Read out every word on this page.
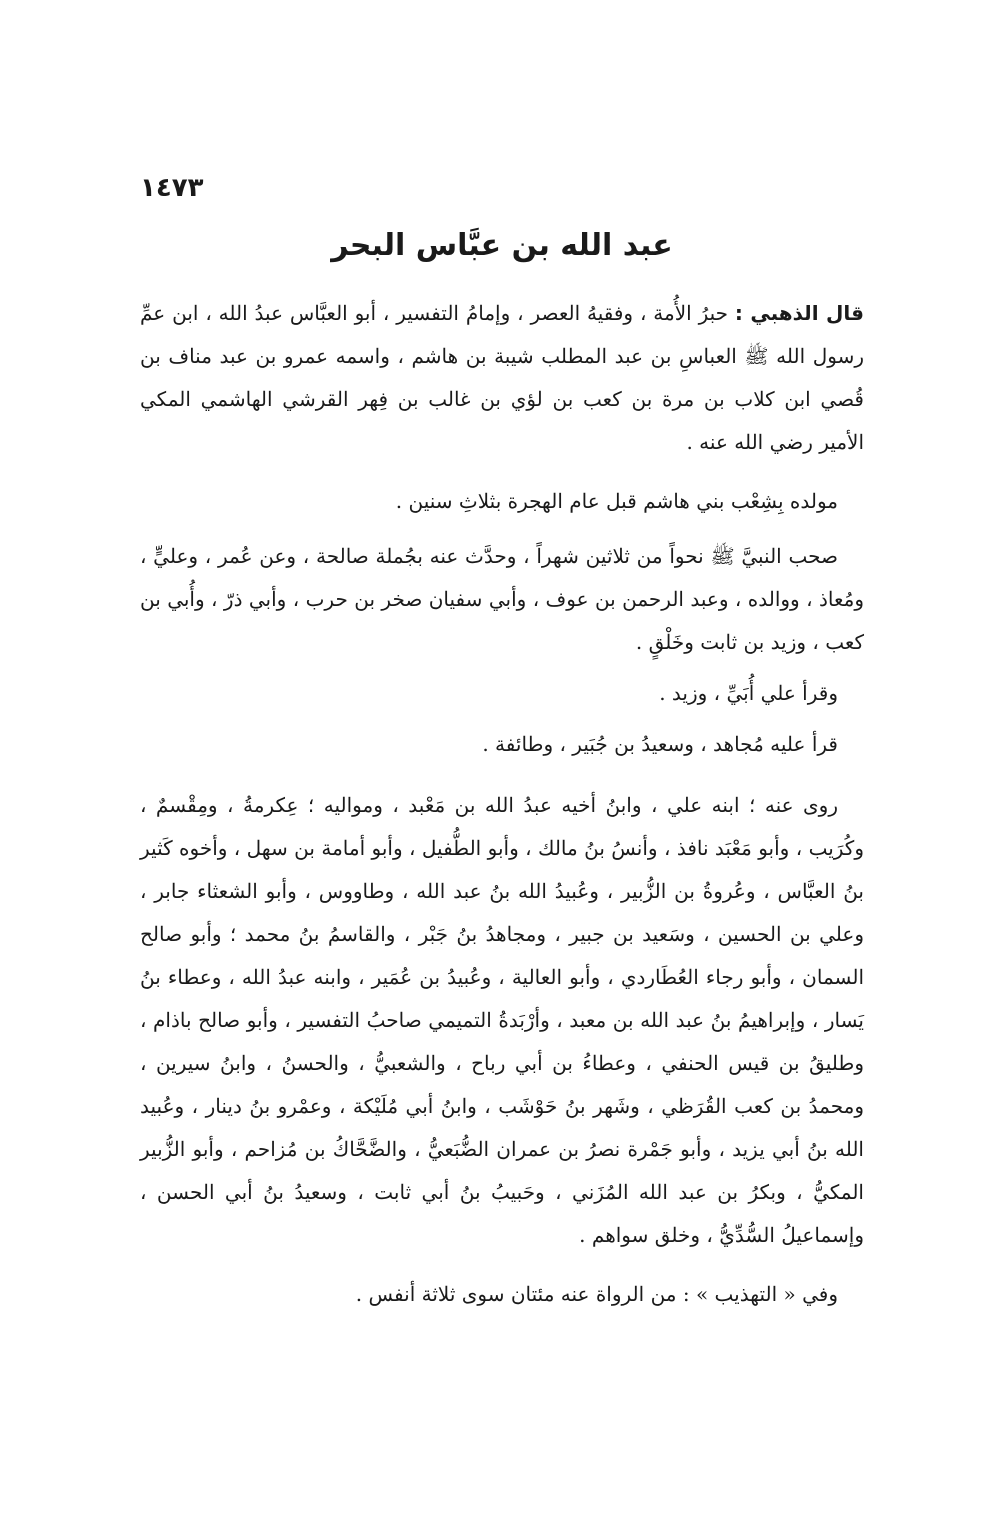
١٤٧٣
عبد الله بن عبَّاس البحر

قال الذهبي : حبرُ الأُمة ، وفقيهُ العصر ، وإمامُ التفسير ، أبو العبَّاس عبدُ الله ، ابن عمِّ رسول الله ﷺ العباسِ بن عبد المطلب شيبة بن هاشم ، واسمه عمرو بن عبد مناف بن قُصي ابن كلاب بن مرة بن كعب بن لؤي بن غالب بن فِهر القرشي الهاشمي المكي الأمير رضي الله عنه .

مولده بِشِعْب بني هاشم قبل عام الهجرة بثلاثِ سنين .

صحب النبيَّ ﷺ نحواً من ثلاثين شهراً ، وحدَّث عنه بجُملة صالحة ، وعن عُمر ، وعليٍّ ، ومُعاذ ، ووالده ، وعبد الرحمن بن عوف ، وأبي سفيان صخر بن حرب ، وأبي ذرّ ، وأُبي بن كعب ، وزيد بن ثابت وخَلْقٍ .

وقرأ علي أُبَيِّ ، وزيد .

قرأ عليه مُجاهد ، وسعيدُ بن جُبَير ، وطائفة .

روى عنه ؛ ابنه علي ، وابنُ أخيه عبدُ الله بن مَعْبد ، ومواليه ؛ عِكرمةُ ، ومِقْسمٌ ، وكُرَيب ، وأبو مَعْبَد نافذ ، وأنسُ بنُ مالك ، وأبو الطُّفيل ، وأبو أمامة بن سهل ، وأخوه كَثير بنُ العبَّاس ، وعُروةُ بن الزُّبير ، وعُبيدُ الله بنُ عبد الله ، وطاووس ، وأبو الشعثاء جابر ، وعلي بن الحسين ، وسَعيد بن جبير ، ومجاهدُ بنُ جَبْر ، والقاسمُ بنُ محمد ؛ وأبو صالح السمان ، وأبو رجاء العُطَاردي ، وأبو العالية ، وعُبيدُ بن عُمَير ، وابنه عبدُ الله ، وعطاء بنُ يَسار ، وإبراهيمُ بنُ عبد الله بن معبد ، وأرْبَدةُ التميمي صاحبُ التفسير ، وأبو صالح باذام ، وطليقُ بن قيس الحنفي ، وعطاءُ بن أبي رباح ، والشعبيُّ ، والحسنُ ، وابنُ سيرين ، ومحمدُ بن كعب القُرَظي ، وشَهر بنُ حَوْشَب ، وابنُ أبي مُلَيْكة ، وعمْرو بنُ دينار ، وعُبيد الله بنُ أبي يزيد ، وأبو جَمْرة نصرُ بن عمران الضُّبَعيُّ ، والضَّحَّاكُ بن مُزاحم ، وأبو الزُّبير المكيُّ ، وبكرُ بن عبد الله المُزَني ، وحَبيبُ بنُ أبي ثابت ، وسعيدُ بنُ أبي الحسن ، وإسماعيلُ السُّدِّيُّ ، وخلق سواهم .

وفي « التهذيب » : من الرواة عنه مئتان سوى ثلاثة أنفس .
